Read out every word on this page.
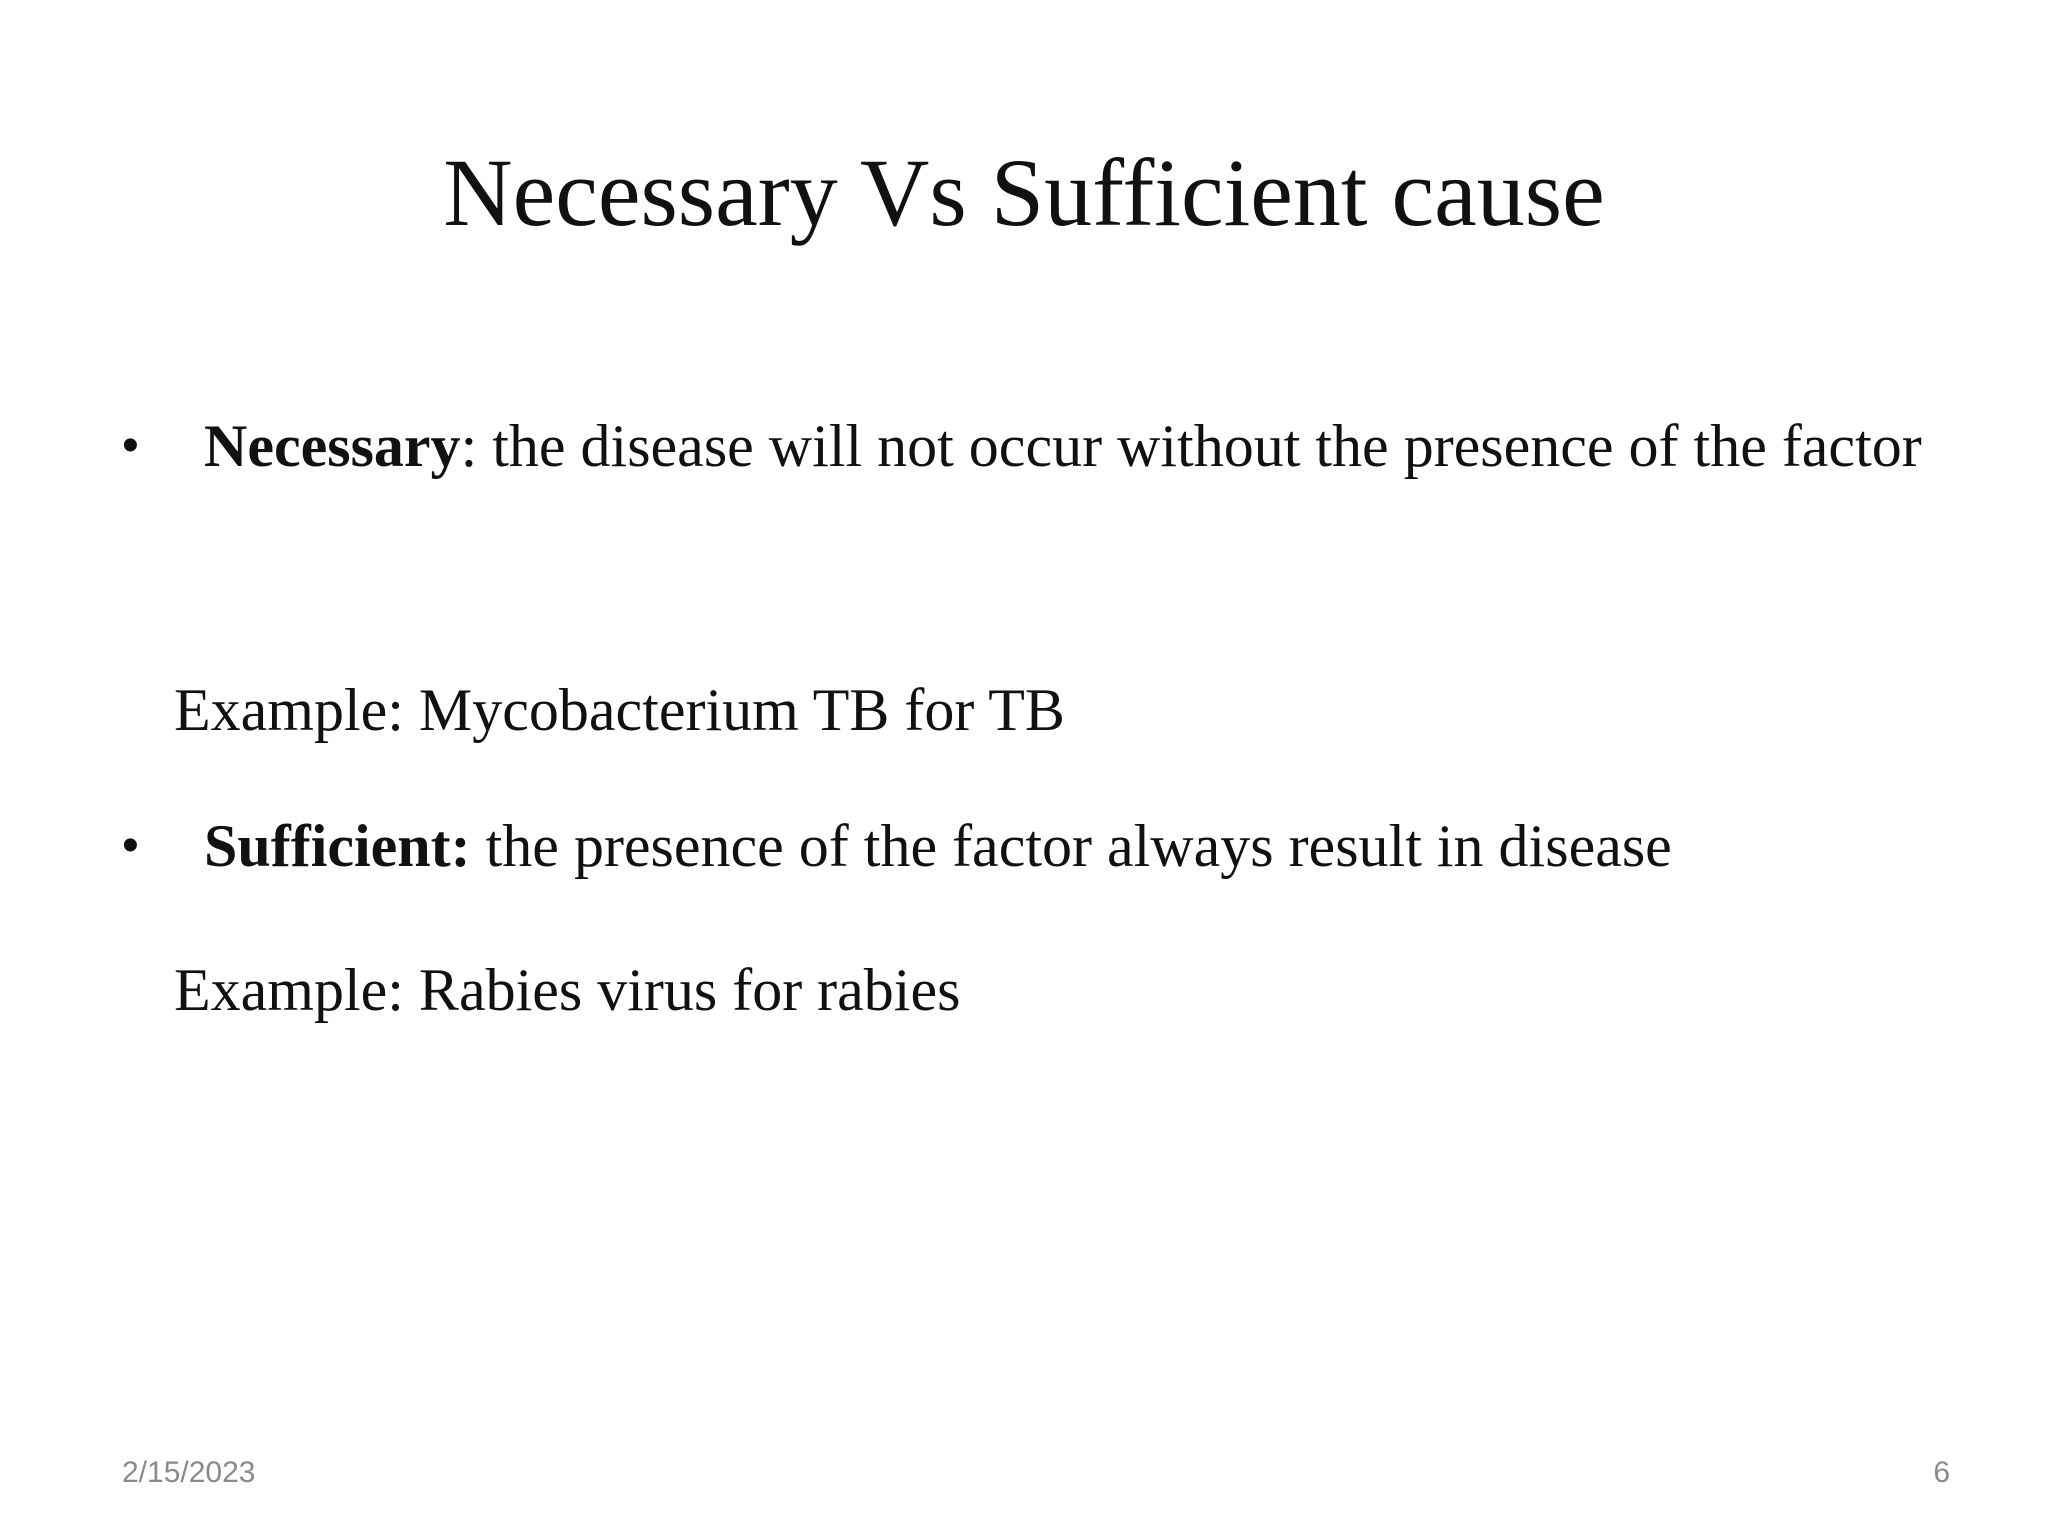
Necessary Vs Sufficient cause
•	Necessary: the disease will not occur without the presence of the factor
Example: Mycobacterium TB for TB
•	Sufficient: the presence of the factor always result in disease
Example: Rabies virus for rabies
2/15/2023	6
